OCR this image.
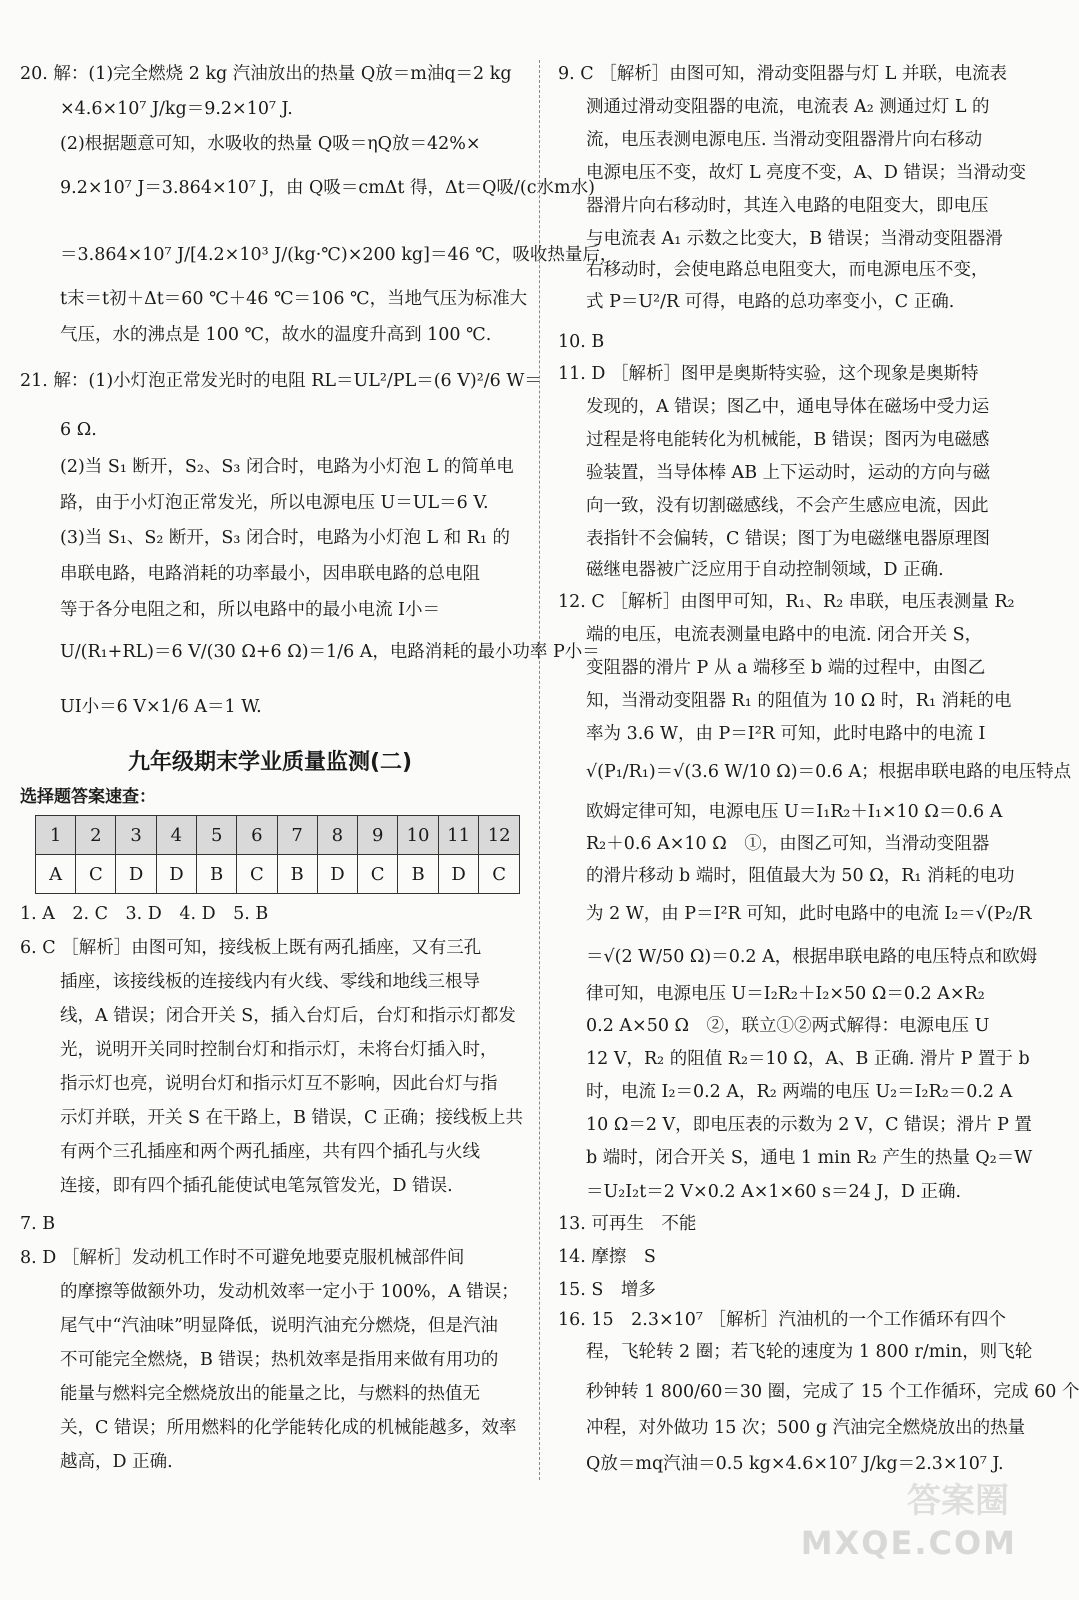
20. 解：(1)完全燃烧 2 kg 汽油放出的热量 Q放＝m油q＝2 kg
×4.6×10⁷ J/kg＝9.2×10⁷ J.
(2)根据题意可知，水吸收的热量 Q吸＝ηQ放＝42%×
9.2×10⁷ J＝3.864×10⁷ J，由 Q吸＝cmΔt 得，Δt＝Q吸/(c水m水)
＝3.864×10⁷ J/[4.2×10³ J/(kg·℃)×200 kg]＝46 ℃，吸收热量后，
t末＝t初＋Δt＝60 ℃＋46 ℃＝106 ℃，当地气压为标准大
气压，水的沸点是 100 ℃，故水的温度升高到 100 ℃.
21. 解：(1)小灯泡正常发光时的电阻 RL＝UL²/PL＝(6 V)²/6 W＝
6 Ω.
(2)当 S₁ 断开，S₂、S₃ 闭合时，电路为小灯泡 L 的简单电
路，由于小灯泡正常发光，所以电源电压 U＝UL＝6 V.
(3)当 S₁、S₂ 断开，S₃ 闭合时，电路为小灯泡 L 和 R₁ 的
串联电路，电路消耗的功率最小，因串联电路的总电阻
等于各分电阻之和，所以电路中的最小电流 I小＝
U/(R₁+RL)＝6 V/(30 Ω+6 Ω)＝1/6 A，电路消耗的最小功率 P小＝
UI小＝6 V×1/6 A＝1 W.
九年级期末学业质量监测(二)
选择题答案速查：
1	2	3	4	5	6	7	8	9	10	11	12
A	C	D	D	B	C	B	D	C	B	D	C
1. A　2. C　3. D　4. D　5. B
6. C ［解析］由图可知，接线板上既有两孔插座，又有三孔
插座，该接线板的连接线内有火线、零线和地线三根导
线，A 错误；闭合开关 S，插入台灯后，台灯和指示灯都发
光，说明开关同时控制台灯和指示灯，未将台灯插入时，
指示灯也亮，说明台灯和指示灯互不影响，因此台灯与指
示灯并联，开关 S 在干路上，B 错误，C 正确；接线板上共
有两个三孔插座和两个两孔插座，共有四个插孔与火线
连接，即有四个插孔能使试电笔氖管发光，D 错误.
7. B
8. D ［解析］发动机工作时不可避免地要克服机械部件间
的摩擦等做额外功，发动机效率一定小于 100%，A 错误；
尾气中“汽油味”明显降低，说明汽油充分燃烧，但是汽油
不可能完全燃烧，B 错误；热机效率是指用来做有用功的
能量与燃料完全燃烧放出的能量之比，与燃料的热值无
关，C 错误；所用燃料的化学能转化成的机械能越多，效率
越高，D 正确.
9. C ［解析］由图可知，滑动变阻器与灯 L 并联，电流表
测通过滑动变阻器的电流，电流表 A₂ 测通过灯 L 的
流，电压表测电源电压. 当滑动变阻器滑片向右移动
电源电压不变，故灯 L 亮度不变，A、D 错误；当滑动变
器滑片向右移动时，其连入电路的电阻变大，即电压
与电流表 A₁ 示数之比变大，B 错误；当滑动变阻器滑
右移动时，会使电路总电阻变大，而电源电压不变，
式 P＝U²/R 可得，电路的总功率变小，C 正确.
10. B
11. D ［解析］图甲是奥斯特实验，这个现象是奥斯特
发现的，A 错误；图乙中，通电导体在磁场中受力运
过程是将电能转化为机械能，B 错误；图丙为电磁感
验装置，当导体棒 AB 上下运动时，运动的方向与磁
向一致，没有切割磁感线，不会产生感应电流，因此
表指针不会偏转，C 错误；图丁为电磁继电器原理图
磁继电器被广泛应用于自动控制领域，D 正确.
12. C ［解析］由图甲可知，R₁、R₂ 串联，电压表测量 R₂
端的电压，电流表测量电路中的电流. 闭合开关 S，
变阻器的滑片 P 从 a 端移至 b 端的过程中，由图乙
知，当滑动变阻器 R₁ 的阻值为 10 Ω 时，R₁ 消耗的电
率为 3.6 W，由 P＝I²R 可知，此时电路中的电流 I
√(P₁/R₁)＝√(3.6 W/10 Ω)＝0.6 A；根据串联电路的电压特点
欧姆定律可知，电源电压 U＝I₁R₂＋I₁×10 Ω＝0.6 A
R₂＋0.6 A×10 Ω　①，由图乙可知，当滑动变阻器
的滑片移动 b 端时，阻值最大为 50 Ω，R₁ 消耗的电功
为 2 W，由 P＝I²R 可知，此时电路中的电流 I₂＝√(P₂/R
＝√(2 W/50 Ω)＝0.2 A，根据串联电路的电压特点和欧姆
律可知，电源电压 U＝I₂R₂＋I₂×50 Ω＝0.2 A×R₂
0.2 A×50 Ω　②，联立①②两式解得：电源电压 U
12 V，R₂ 的阻值 R₂＝10 Ω，A、B 正确. 滑片 P 置于 b
时，电流 I₂＝0.2 A，R₂ 两端的电压 U₂＝I₂R₂＝0.2 A
10 Ω＝2 V，即电压表的示数为 2 V，C 错误；滑片 P 置
b 端时，闭合开关 S，通电 1 min R₂ 产生的热量 Q₂＝W
＝U₂I₂t＝2 V×0.2 A×1×60 s＝24 J，D 正确.
13. 可再生　不能
14. 摩擦　S
15. S　增多
16. 15　2.3×10⁷ ［解析］汽油机的一个工作循环有四个
程，飞轮转 2 圈；若飞轮的速度为 1 800 r/min，则飞轮
秒钟转 1 800/60＝30 圈，完成了 15 个工作循环，完成 60 个
冲程，对外做功 15 次；500 g 汽油完全燃烧放出的热量
Q放＝mq汽油＝0.5 kg×4.6×10⁷ J/kg＝2.3×10⁷ J.
答案圈
MXQE.COM
